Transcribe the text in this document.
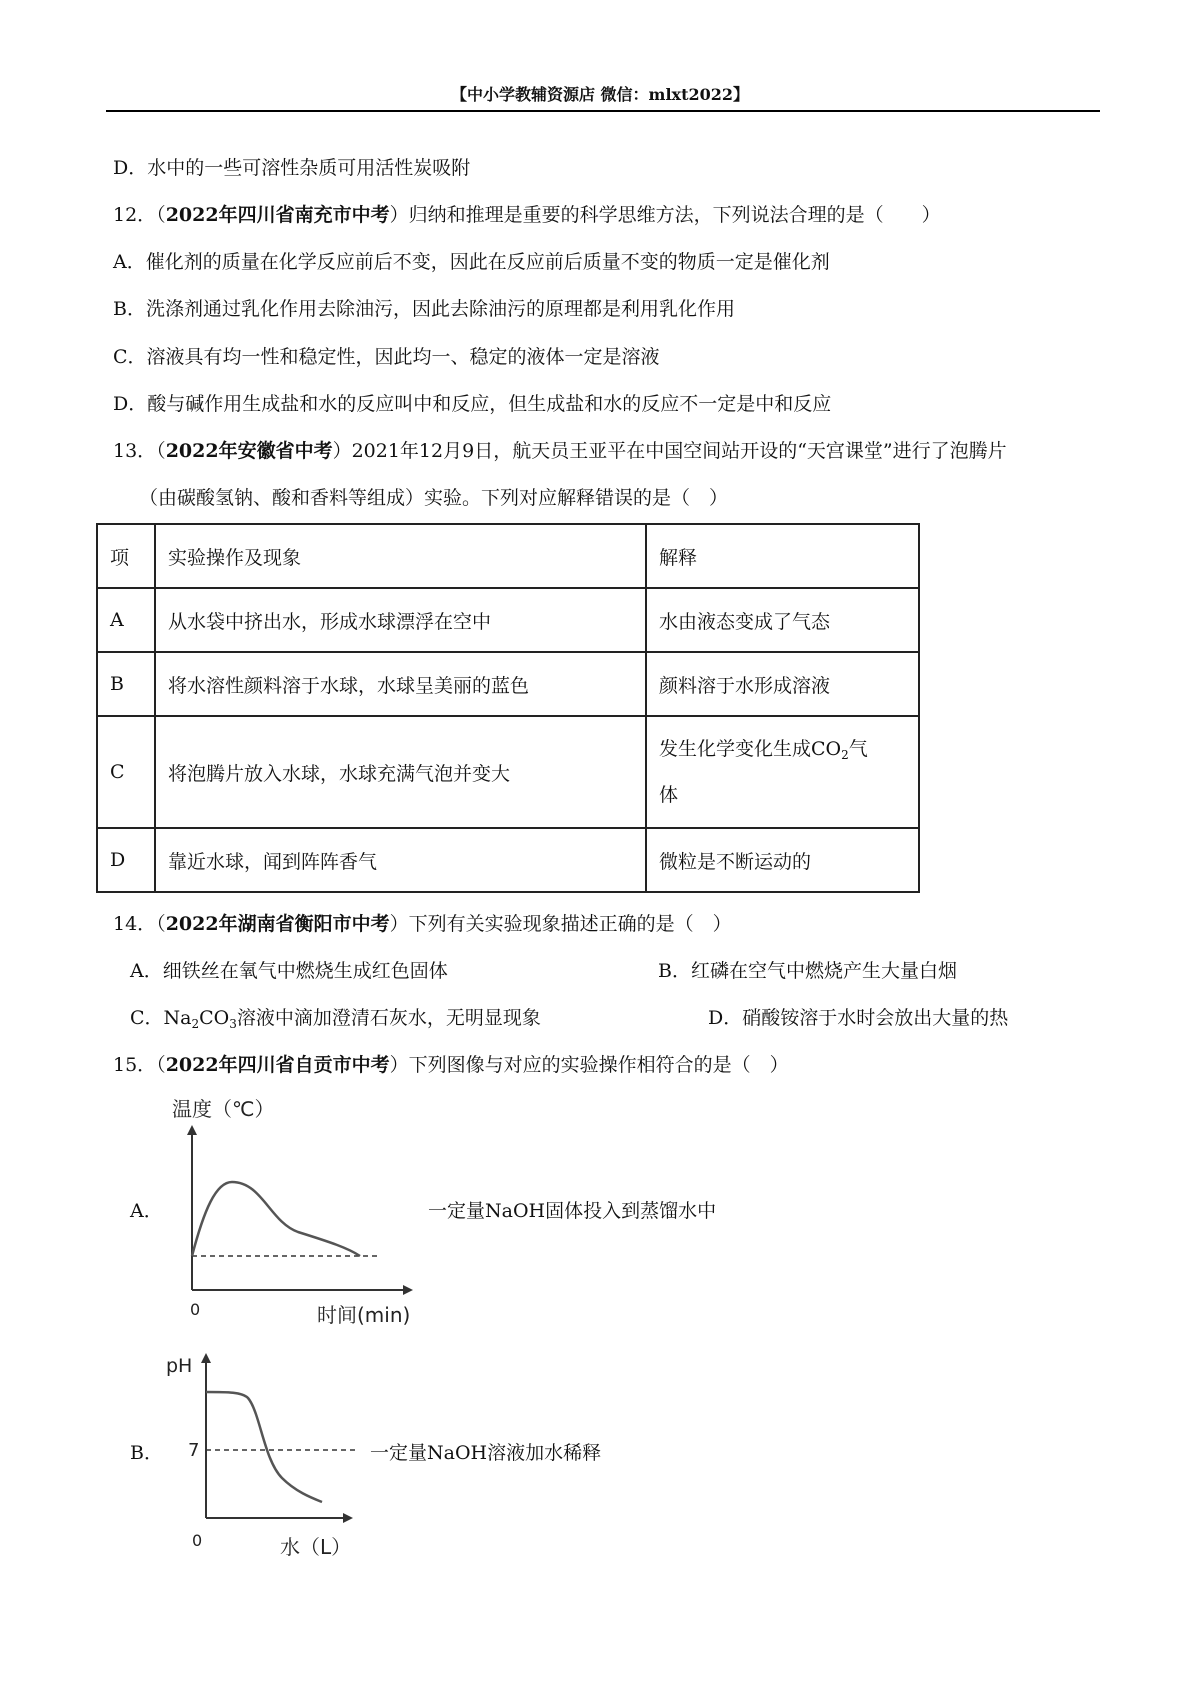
【中小学教辅资源店 微信：mlxt2022】
D．水中的一些可溶性杂质可用活性炭吸附
12．（2022年四川省南充市中考）归纳和推理是重要的科学思维方法，下列说法合理的是（　　）
A．催化剂的质量在化学反应前后不变，因此在反应前后质量不变的物质一定是催化剂
B．洗涤剂通过乳化作用去除油污，因此去除油污的原理都是利用乳化作用
C．溶液具有均一性和稳定性，因此均一、稳定的液体一定是溶液
D．酸与碱作用生成盐和水的反应叫中和反应，但生成盐和水的反应不一定是中和反应
13．（2022年安徽省中考）2021年12月9日，航天员王亚平在中国空间站开设的“天宫课堂”进行了泡腾片
（由碳酸氢钠、酸和香料等组成）实验。下列对应解释错误的是（　）
项	实验操作及现象	解释
A	从水袋中挤出水，形成水球漂浮在空中	水由液态变成了气态
B	将水溶性颜料溶于水球，水球呈美丽的蓝色	颜料溶于水形成溶液
C	将泡腾片放入水球，水球充满气泡并变大	发生化学变化生成$CO_2$气
体
D	靠近水球，闻到阵阵香气	微粒是不断运动的
14．（2022年湖南省衡阳市中考）下列有关实验现象描述正确的是（　）
A．细铁丝在氧气中燃烧生成红色固体	B．红磷在空气中燃烧产生大量白烟
C．$Na_2CO_3$溶液中滴加澄清石灰水，无明显现象	D．硝酸铵溶于水时会放出大量的热
15．（2022年四川省自贡市中考）下列图像与对应的实验操作相符合的是（　）
A．
温度（℃）
0	时间(min)
一定量NaOH固体投入到蒸馏水中
B．
pH
7
0	水（L）
一定量NaOH溶液加水稀释
